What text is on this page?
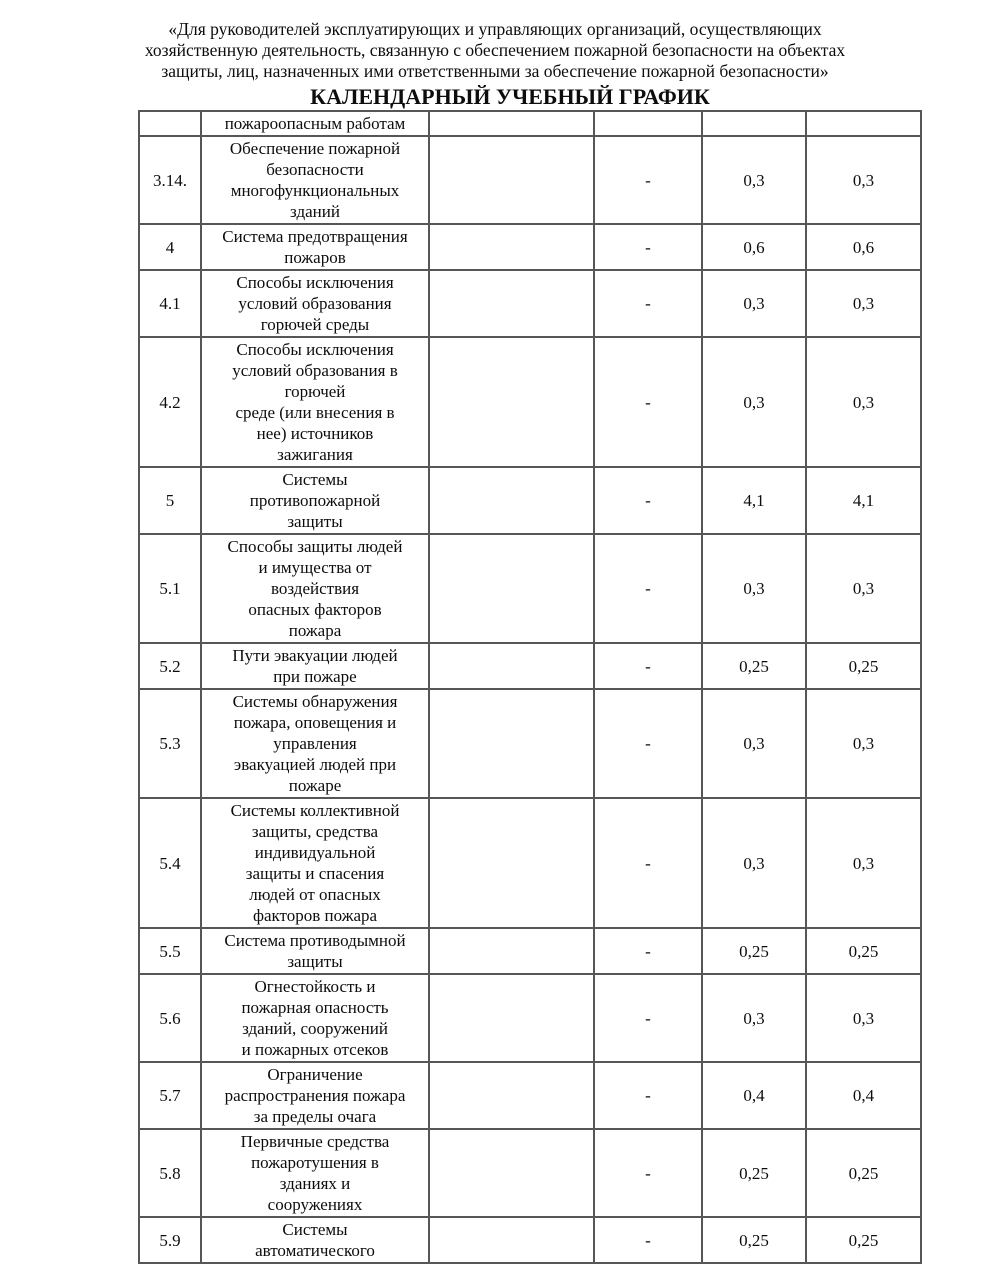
«Для руководителей эксплуатирующих и управляющих организаций, осуществляющих
хозяйственную деятельность, связанную с обеспечением пожарной безопасности на объектах
защиты, лиц, назначенных ими ответственными за обеспечение пожарной безопасности»
КАЛЕНДАРНЫЙ УЧЕБНЫЙ ГРАФИК
	пожароопасным работам				
3.14.	Обеспечение пожарной
безопасности
многофункциональных
зданий		-	0,3	0,3
4	Система предотвращения
пожаров		-	0,6	0,6
4.1	Способы исключения
условий образования
горючей среды		-	0,3	0,3
4.2	Способы исключения
условий образования в
горючей
среде (или внесения в
нее) источников
зажигания		-	0,3	0,3
5	Системы
противопожарной
защиты		-	4,1	4,1
5.1	Способы защиты людей
и имущества от
воздействия
опасных факторов
пожара		-	0,3	0,3
5.2	Пути эвакуации людей
при пожаре		-	0,25	0,25
5.3	Системы обнаружения
пожара, оповещения и
управления
эвакуацией людей при
пожаре		-	0,3	0,3
5.4	Системы коллективной
защиты, средства
индивидуальной
защиты и спасения
людей от опасных
факторов пожара		-	0,3	0,3
5.5	Система противодымной
защиты		-	0,25	0,25
5.6	Огнестойкость и
пожарная опасность
зданий, сооружений
и пожарных отсеков		-	0,3	0,3
5.7	Ограничение
распространения пожара
за пределы очага		-	0,4	0,4
5.8	Первичные средства
пожаротушения в
зданиях и
сооружениях		-	0,25	0,25
5.9	Системы
автоматического		-	0,25	0,25
